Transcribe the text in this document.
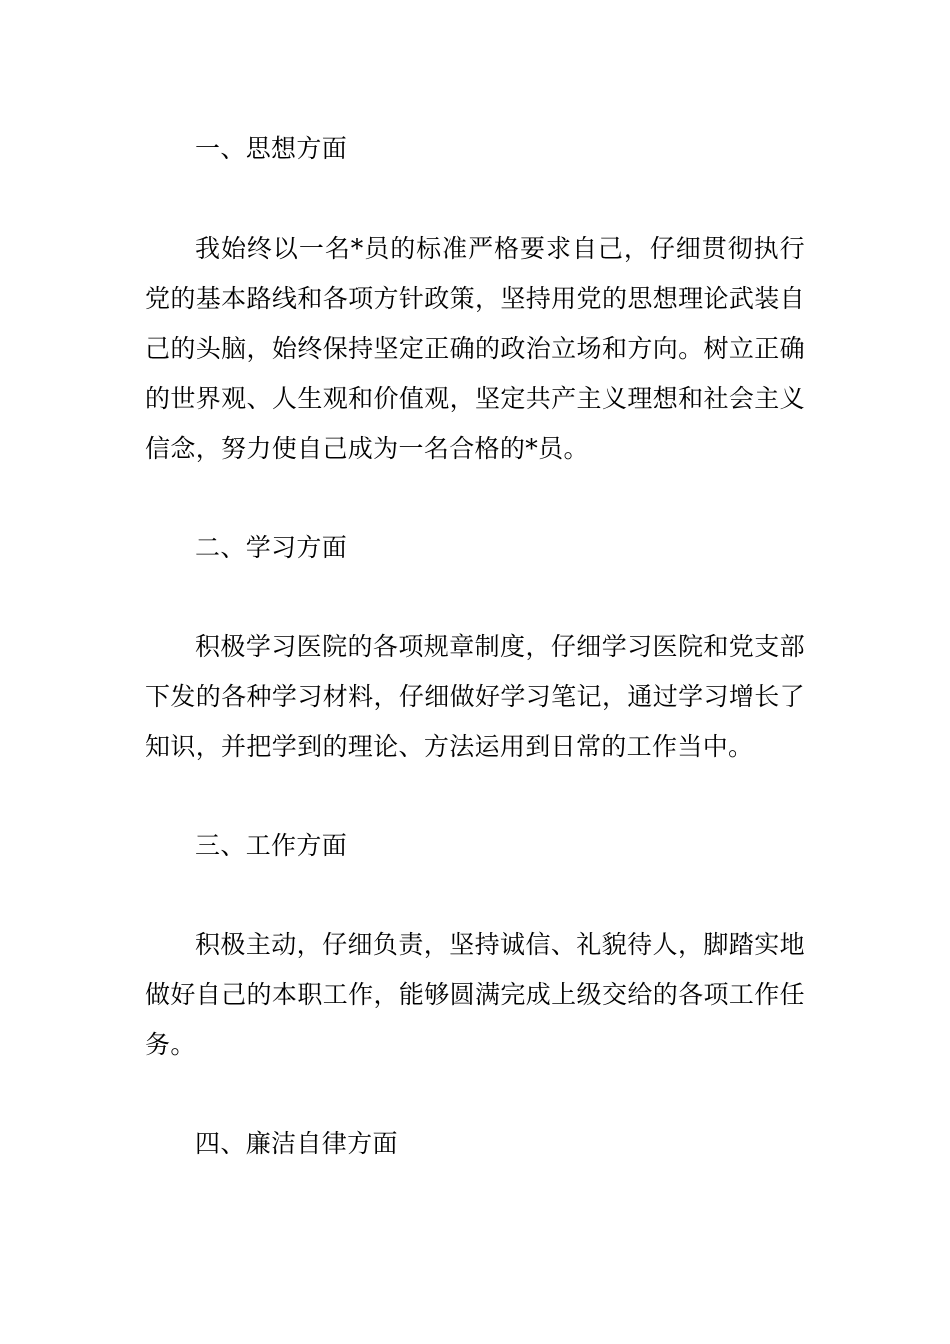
一、思想方面

我始终以一名*员的标准严格要求自己，仔细贯彻执行党的基本路线和各项方针政策，坚持用党的思想理论武装自己的头脑，始终保持坚定正确的政治立场和方向。树立正确的世界观、人生观和价值观，坚定共产主义理想和社会主义信念，努力使自己成为一名合格的*员。

二、学习方面

积极学习医院的各项规章制度，仔细学习医院和党支部下发的各种学习材料，仔细做好学习笔记，通过学习增长了知识，并把学到的理论、方法运用到日常的工作当中。

三、工作方面

积极主动，仔细负责，坚持诚信、礼貌待人，脚踏实地做好自己的本职工作，能够圆满完成上级交给的各项工作任务。

四、廉洁自律方面
